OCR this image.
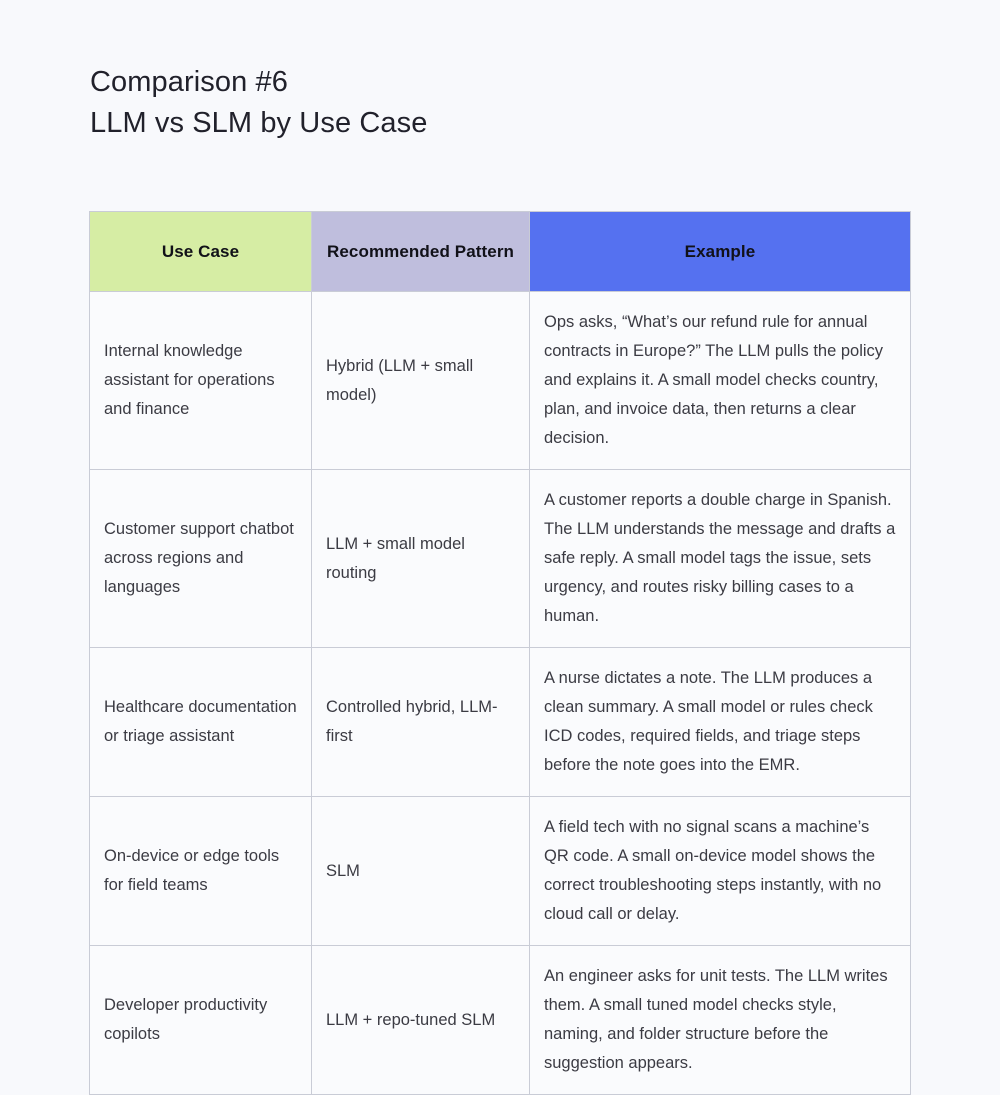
Comparison #6
LLM vs SLM by Use Case
Use Case	Recommended Pattern	Example
Internal knowledge assistant for operations and finance	Hybrid (LLM + small model)	Ops asks, “What’s our refund rule for annual contracts in Europe?” The LLM pulls the policy and explains it. A small model checks country, plan, and invoice data, then returns a clear decision.
Customer support chatbot across regions and languages	LLM + small model routing	A customer reports a double charge in Spanish. The LLM understands the message and drafts a safe reply. A small model tags the issue, sets urgency, and routes risky billing cases to a human.
Healthcare documentation or triage assistant	Controlled hybrid, LLM-first	A nurse dictates a note. The LLM produces a clean summary. A small model or rules check ICD codes, required fields, and triage steps before the note goes into the EMR.
On-device or edge tools for field teams	SLM	A field tech with no signal scans a machine’s QR code. A small on-device model shows the correct troubleshooting steps instantly, with no cloud call or delay.
Developer productivity copilots	LLM + repo-tuned SLM	An engineer asks for unit tests. The LLM writes them. A small tuned model checks style, naming, and folder structure before the suggestion appears.
